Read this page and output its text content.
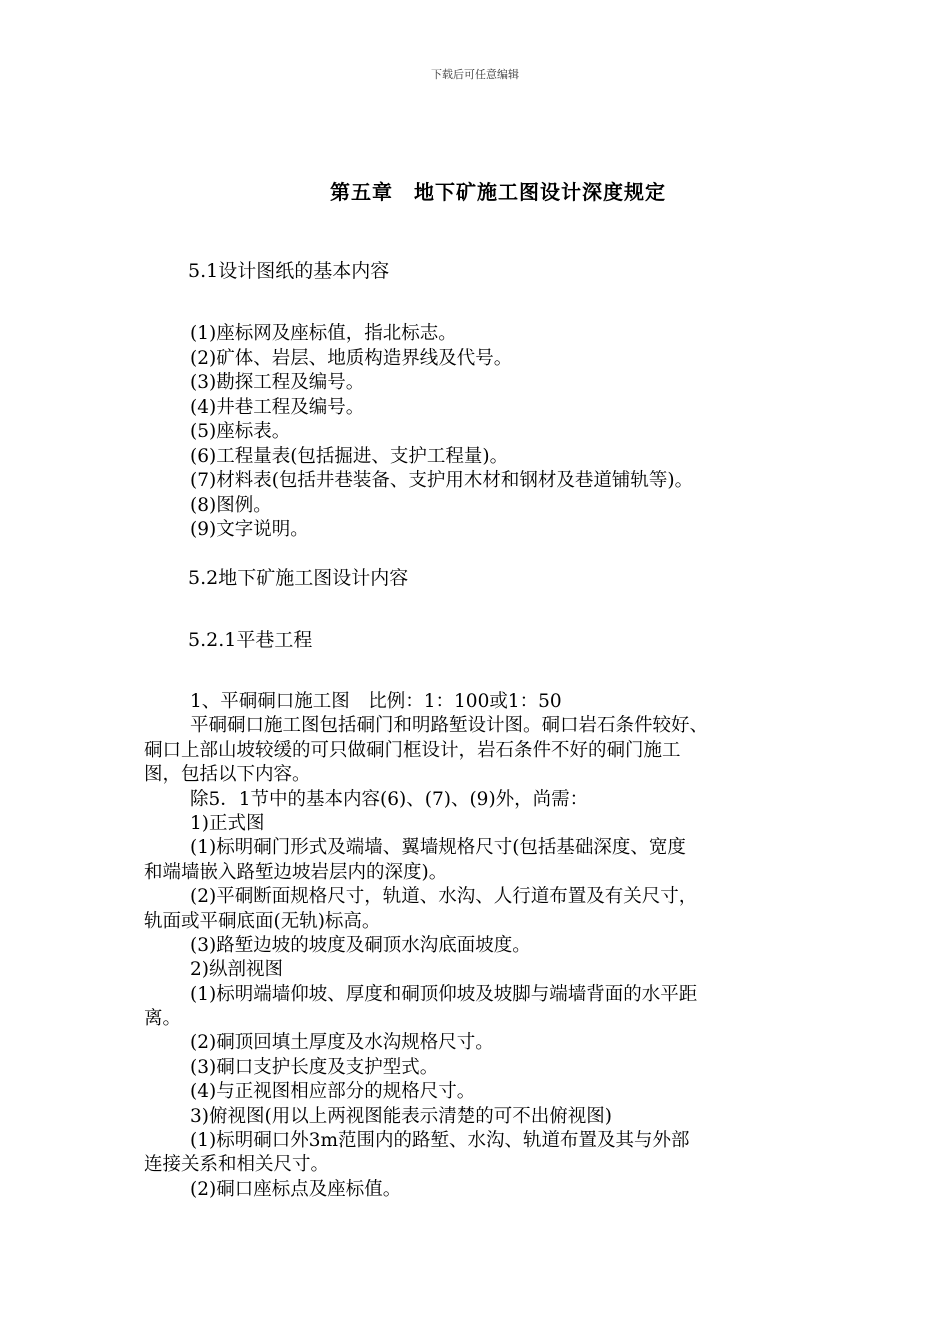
下载后可任意编辑
第五章　地下矿施工图设计深度规定
5.1设计图纸的基本内容
(1)座标网及座标值，指北标志。
(2)矿体、岩层、地质构造界线及代号。
(3)勘探工程及编号。
(4)井巷工程及编号。
(5)座标表。
(6)工程量表(包括掘进、支护工程量)。
(7)材料表(包括井巷装备、支护用木材和钢材及巷道铺轨等)。
(8)图例。
(9)文字说明。
5.2地下矿施工图设计内容
5.2.1平巷工程
1、平硐硐口施工图　比例：1：100或1：50
平硐硐口施工图包括硐门和明路堑设计图。硐口岩石条件较好、
硐口上部山坡较缓的可只做硐门框设计，岩石条件不好的硐门施工
图，包括以下内容。
除5．1节中的基本内容(6)、(7)、(9)外，尚需：
1)正式图
(1)标明硐门形式及端墙、翼墙规格尺寸(包括基础深度、宽度
和端墙嵌入路堑边坡岩层内的深度)。
(2)平硐断面规格尺寸，轨道、水沟、人行道布置及有关尺寸，
轨面或平硐底面(无轨)标高。
(3)路堑边坡的坡度及硐顶水沟底面坡度。
2)纵剖视图
(1)标明端墙仰坡、厚度和硐顶仰坡及坡脚与端墙背面的水平距
离。
(2)硐顶回填土厚度及水沟规格尺寸。
(3)硐口支护长度及支护型式。
(4)与正视图相应部分的规格尺寸。
3)俯视图(用以上两视图能表示清楚的可不出俯视图)
(1)标明硐口外3m范围内的路堑、水沟、轨道布置及其与外部
连接关系和相关尺寸。
(2)硐口座标点及座标值。
